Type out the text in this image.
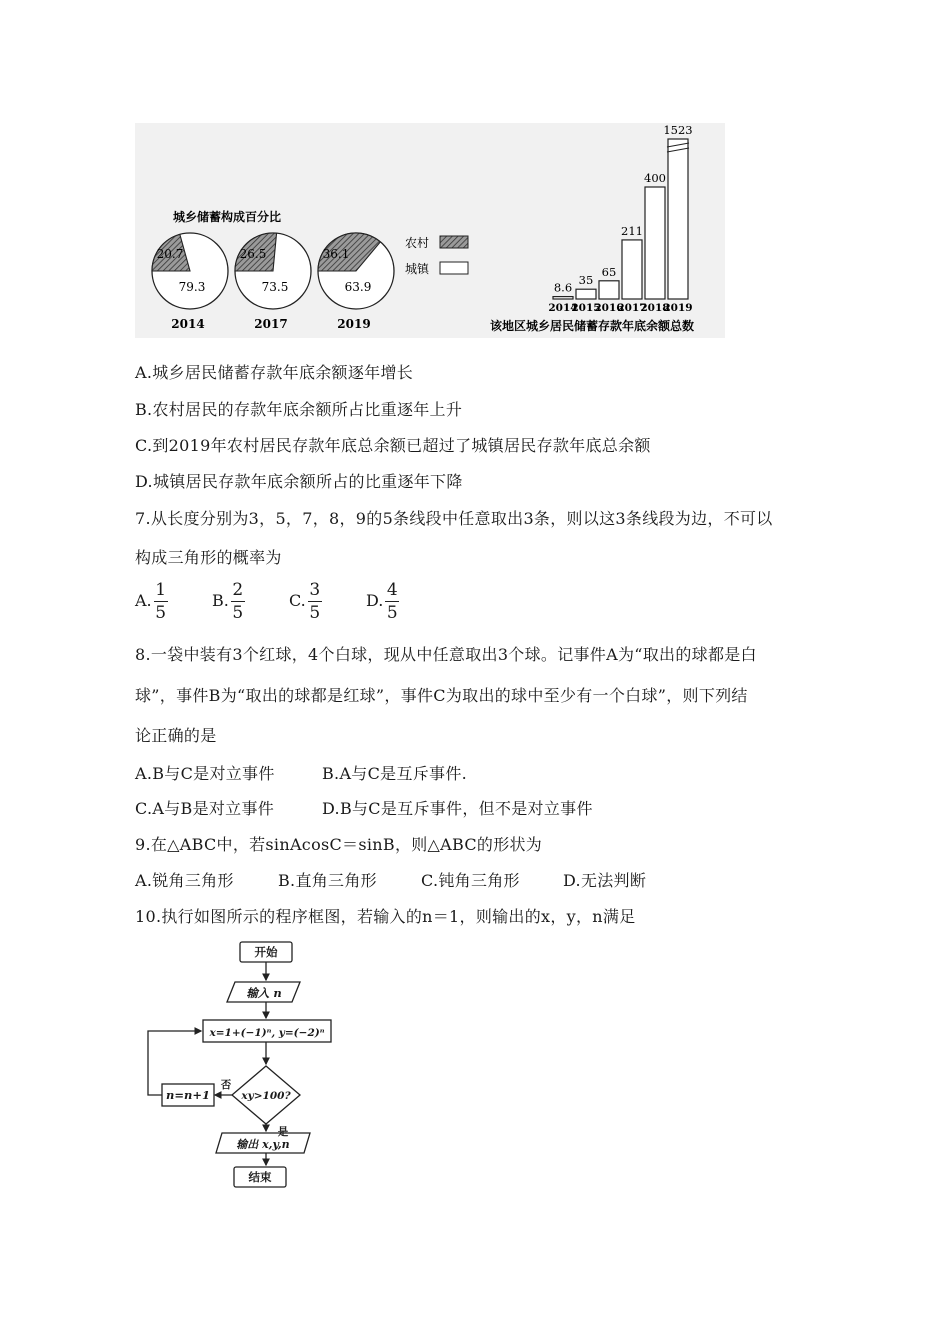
城乡储蓄构成百分比
20.7
79.3
2014
26.5
73.5
2017
36.1
63.9
2019
农村
城镇
8.6
2014
35
2015
65
2016
211
2017
400
2018
1523
2019
该地区城乡居民储蓄存款年底余额总数
A.城乡居民储蓄存款年底余额逐年增长
B.农村居民的存款年底余额所占比重逐年上升
C.到2019年农村居民存款年底总余额已超过了城镇居民存款年底总余额
D.城镇居民存款年底余额所占的比重逐年下降
7.从长度分别为3，5，7，8，9的5条线段中任意取出3条，则以这3条线段为边，不可以
构成三角形的概率为
A. $\frac{1}{5}$	B. $\frac{2}{5}$	C. $\frac{3}{5}$	D. $\frac{4}{5}$
8.一袋中装有3个红球，4个白球，现从中任意取出3个球。记事件A为“取出的球都是白
球”，事件B为“取出的球都是红球”，事件C为取出的球中至少有一个白球”，则下列结
论正确的是
A.B与C是对立事件	B.A与C是互斥事件.
C.A与B是对立事件	D.B与C是互斥事件，但不是对立事件
9.在△ABC中，若sinAcosC＝sinB，则△ABC的形状为
A.锐角三角形	B.直角三角形	C.钝角三角形	D.无法判断
10.执行如图所示的程序框图，若输入的n＝1，则输出的x，y，n满足
开始
输入 n
x=1+(−1)ⁿ, y=(−2)ⁿ
xy>100?
n=n+1
输出 x,y,n
结束
否
是
